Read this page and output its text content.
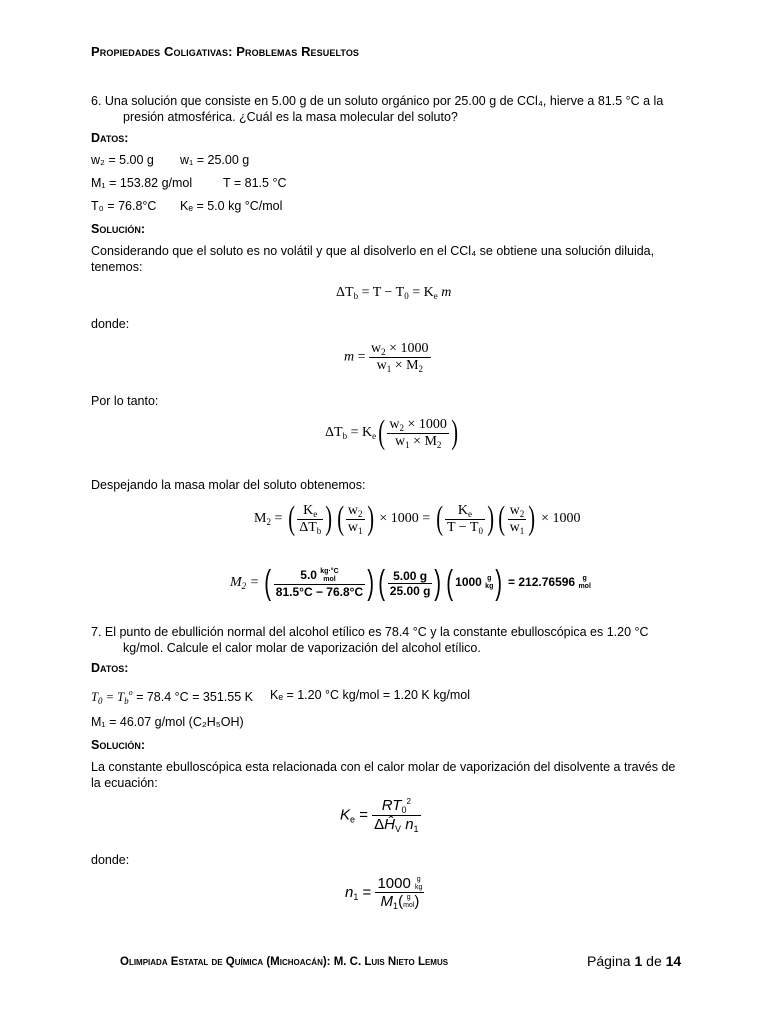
Propiedades Coligativas: Problemas Resueltos
6. Una solución que consiste en 5.00 g de un soluto orgánico por 25.00 g de CCl₄, hierve a 81.5 °C a la
presión atmosférica. ¿Cuál es la masa molecular del soluto?
Datos:
w₂ = 5.00 g w₁ = 25.00 g
M₁ = 153.82 g/mol T = 81.5 °C
T₀ = 76.8°C Kₑ = 5.0 kg °C/mol
Solución:
Considerando que el soluto es no volátil y que al disolverlo en el CCl₄ se obtiene una solución diluida, tenemos:
$\Delta T_b = T - T_0 = K_e$ m
donde:
$m = \frac{w_2 \times 1000}{w_1 \times M_2}$
Por lo tanto:
$\Delta T_b = K_e( \frac{w_2 \times 1000}{w_1 \times M_2}$ )
Despejando la masa molar del soluto obtenemos:
$M_2$ = ( $\frac{K_e}{\Delta T_b}$ ) ( $\frac{w_2}{w_1}$ ) × 1000 = ( $\frac{K_e}{T - T_0}$ ) ( $\frac{w_2}{w_1}$ ) × 1000
$M_2$ = (	5.0 kg·°C
mol
81.5°C − 76.8°C ) ( $\frac{5.00 g}{25.00 g}$ ) ( 1000 g
kg) = 212.76596 g
mol
7. El punto de ebullición normal del alcohol etílico es 78.4 °C y la constante ebulloscópica es 1.20 °C
kg/mol. Calcule el calor molar de vaporización del alcohol etílico.
Datos:
$T_0 = T_b^o = 78.4$ °C = 351.55 K Kₑ = 1.20 °C kg/mol = 1.20 K kg/mol
M₁ = 46.07 g/mol (C₂H₅OH)
Solución:
La constante ebulloscópica esta relacionada con el calor molar de vaporización del disolvente a través de la ecuación:
$K_e = \frac{RT_0^2}{\Delta Ĥ_V n_1}$
donde:
$n_1$ =
1000 g
kg
$M_1$( g
mol)
Olimpiada Estatal de Química (Michoacán): M. C. Luis Nieto Lemus	Página 1 de 14
